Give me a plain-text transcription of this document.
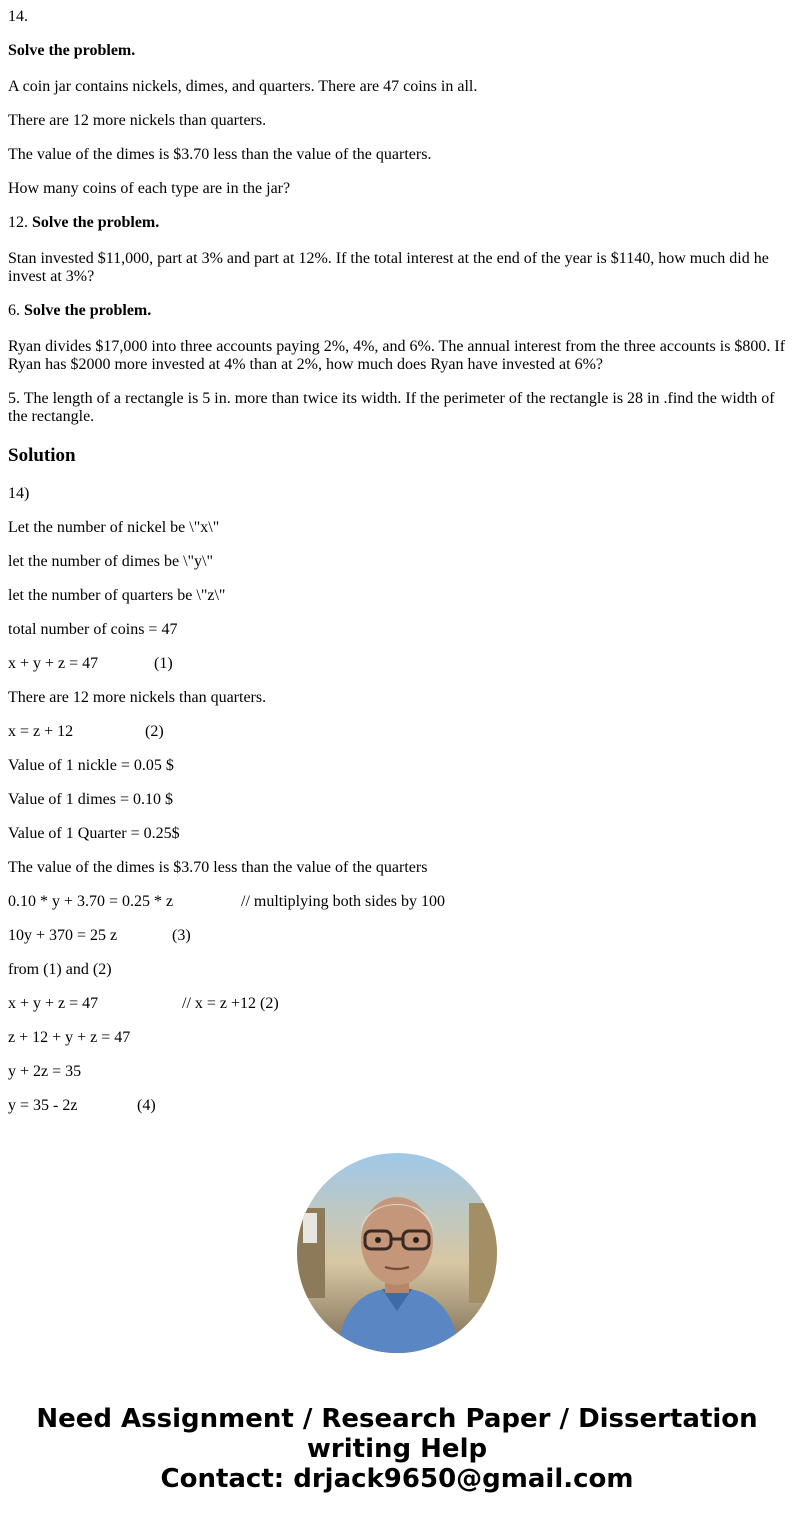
14.

Solve the problem.

A coin jar contains nickels, dimes, and quarters. There are 47 coins in all.

There are 12 more nickels than quarters.

The value of the dimes is $3.70 less than the value of the quarters.

How many coins of each type are in the jar?

12. Solve the problem.

Stan invested $11,000, part at 3% and part at 12%. If the total interest at the end of the year is $1140, how much did he

invest at 3%?

6. Solve the problem.

Ryan divides $17,000 into three accounts paying 2%, 4%, and 6%. The annual interest from the three accounts is $800. If

Ryan has $2000 more invested at 4% than at 2%, how much does Ryan have invested at 6%?

5. The length of a rectangle is 5 in. more than twice its width. If the perimeter of the rectangle is 28 in .find the width of

the rectangle.

Solution

14)

Let the number of nickel be \"x\"

let the number of dimes be \"y\"

let the number of quarters be \"z\"

total number of coins = 47

x + y + z = 47	(1)

There are 12 more nickels than quarters.

x = z + 12	(2)

Value of 1 nickle = 0.05 $

Value of 1 dimes = 0.10 $

Value of 1 Quarter = 0.25$

The value of the dimes is $3.70 less than the value of the quarters

0.10 * y + 3.70 = 0.25 * z	// multiplying both sides by 100

10y + 370 = 25 z	(3)

from (1) and (2)

x + y + z = 47	// x = z +12 (2)

z + 12 + y + z = 47

y + 2z = 35

y = 35 - 2z	(4)

Need Assignment / Research Paper / Dissertation
writing Help
Contact: drjack9650@gmail.com
